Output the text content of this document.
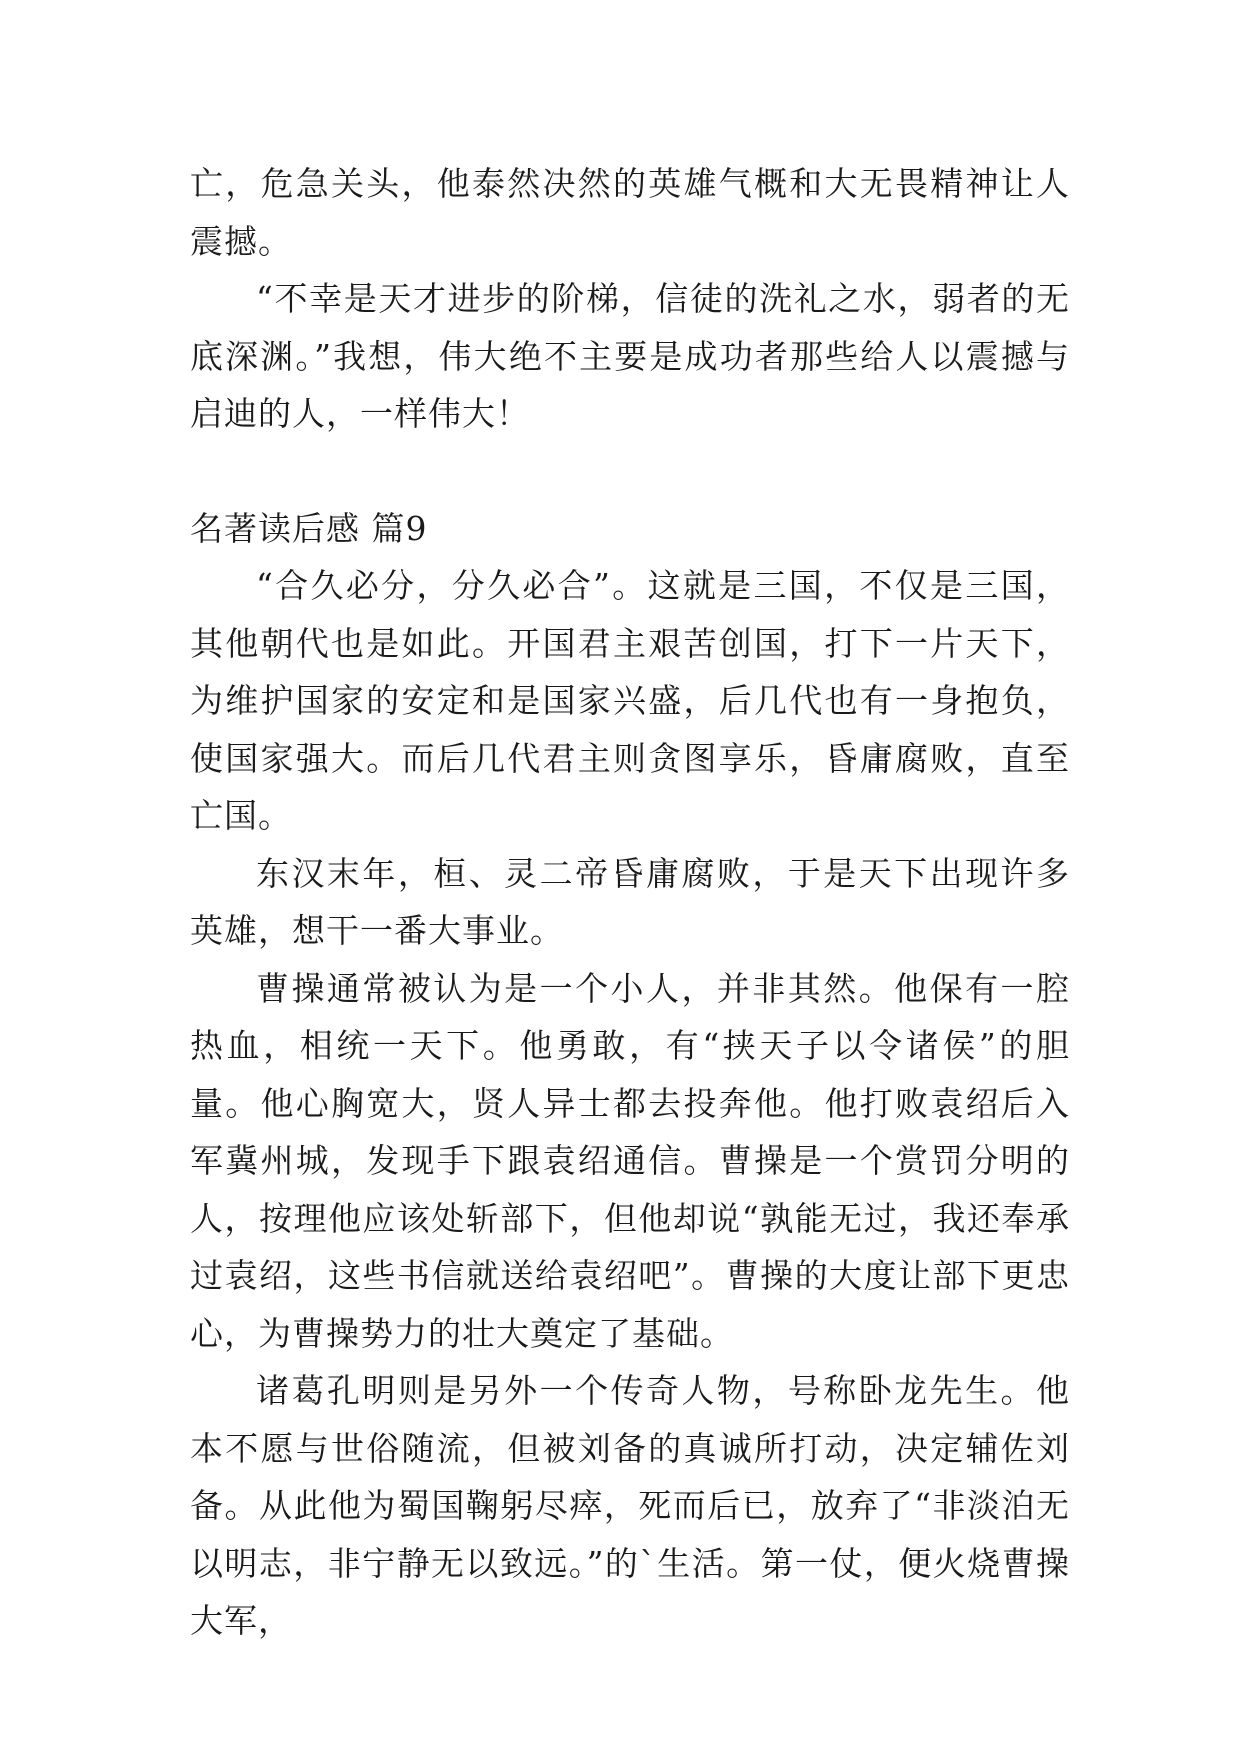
亡，危急关头，他泰然决然的英雄气概和大无畏精神让人震撼。

“不幸是天才进步的阶梯，信徒的洗礼之水，弱者的无底深渊。”我想，伟大绝不主要是成功者那些给人以震撼与启迪的人，一样伟大！

名著读后感 篇9

“合久必分，分久必合”。这就是三国，不仅是三国，其他朝代也是如此。开国君主艰苦创国，打下一片天下，为维护国家的安定和是国家兴盛，后几代也有一身抱负，使国家强大。而后几代君主则贪图享乐，昏庸腐败，直至亡国。

东汉末年，桓、灵二帝昏庸腐败，于是天下出现许多英雄，想干一番大事业。

曹操通常被认为是一个小人，并非其然。他保有一腔热血，相统一天下。他勇敢，有“挟天子以令诸侯”的胆量。他心胸宽大，贤人异士都去投奔他。他打败袁绍后入军冀州城，发现手下跟袁绍通信。曹操是一个赏罚分明的人，按理他应该处斩部下，但他却说“孰能无过，我还奉承过袁绍，这些书信就送给袁绍吧”。曹操的大度让部下更忠心，为曹操势力的壮大奠定了基础。

诸葛孔明则是另外一个传奇人物，号称卧龙先生。他本不愿与世俗随流，但被刘备的真诚所打动，决定辅佐刘备。从此他为蜀国鞠躬尽瘁，死而后已，放弃了“非淡泊无以明志，非宁静无以致远。”的`生活。第一仗，便火烧曹操大军，
